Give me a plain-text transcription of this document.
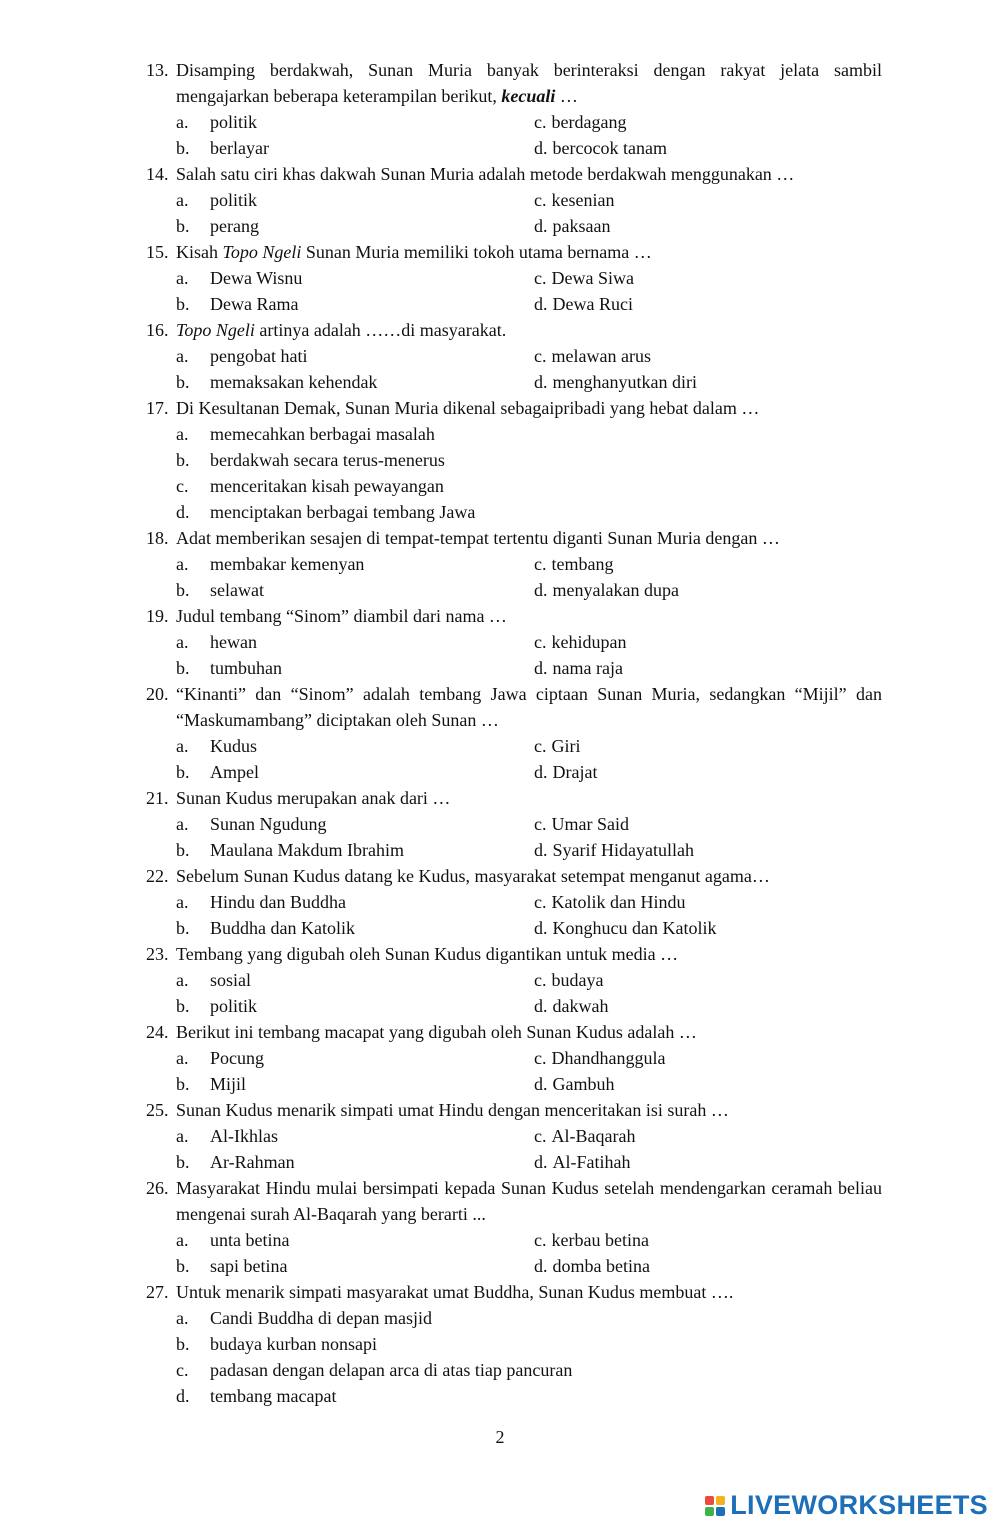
13. Disamping berdakwah, Sunan Muria banyak berinteraksi dengan rakyat jelata sambil mengajarkan beberapa keterampilan berikut, kecuali …
a.	politik	c. berdagang
b.	berlayar	d. bercocok tanam
14. Salah satu ciri khas dakwah Sunan Muria adalah metode berdakwah menggunakan …
a.	politik	c. kesenian
b.	perang	d. paksaan
15. Kisah Topo Ngeli Sunan Muria memiliki tokoh utama bernama …
a.	Dewa Wisnu	c. Dewa Siwa
b.	Dewa Rama	d. Dewa Ruci
16. Topo Ngeli artinya adalah ……di masyarakat.
a.	pengobat hati	c. melawan arus
b.	memaksakan kehendak	d. menghanyutkan diri
17. Di Kesultanan Demak, Sunan Muria dikenal sebagaipribadi yang hebat dalam …
a.	memecahkan berbagai masalah
b.	berdakwah secara terus-menerus
c.	menceritakan kisah pewayangan
d.	menciptakan berbagai tembang Jawa
18. Adat memberikan sesajen di tempat-tempat tertentu diganti Sunan Muria dengan …
a.	membakar kemenyan	c. tembang
b.	selawat	d. menyalakan dupa
19. Judul tembang “Sinom” diambil dari nama …
a.	hewan	c. kehidupan
b.	tumbuhan	d. nama raja
20. “Kinanti” dan “Sinom” adalah tembang Jawa ciptaan Sunan Muria, sedangkan “Mijil” dan “Maskumambang” diciptakan oleh Sunan …
a.	Kudus	c. Giri
b.	Ampel	d. Drajat
21. Sunan Kudus merupakan anak dari …
a.	Sunan Ngudung	c. Umar Said
b.	Maulana Makdum Ibrahim	d. Syarif Hidayatullah
22. Sebelum Sunan Kudus datang ke Kudus, masyarakat setempat menganut agama…
a.	Hindu dan Buddha	c. Katolik dan Hindu
b.	Buddha dan Katolik	d. Konghucu dan Katolik
23. Tembang yang digubah oleh Sunan Kudus digantikan untuk media …
a.	sosial	c. budaya
b.	politik	d. dakwah
24. Berikut ini tembang macapat yang digubah oleh Sunan Kudus adalah …
a.	Pocung	c. Dhandhanggula
b.	Mijil	d. Gambuh
25. Sunan Kudus menarik simpati umat Hindu dengan menceritakan isi surah …
a.	Al-Ikhlas	c. Al-Baqarah
b.	Ar-Rahman	d. Al-Fatihah
26. Masyarakat Hindu mulai bersimpati kepada Sunan Kudus setelah mendengarkan ceramah beliau mengenai surah Al-Baqarah yang berarti ...
a.	unta betina	c. kerbau betina
b.	sapi betina	d. domba betina
27. Untuk menarik simpati masyarakat umat Buddha, Sunan Kudus membuat ….
a.	Candi Buddha di depan masjid
b.	budaya kurban nonsapi
c.	padasan dengan delapan arca di atas tiap pancuran
d.	tembang macapat
2
LIVEWORKSHEETS
